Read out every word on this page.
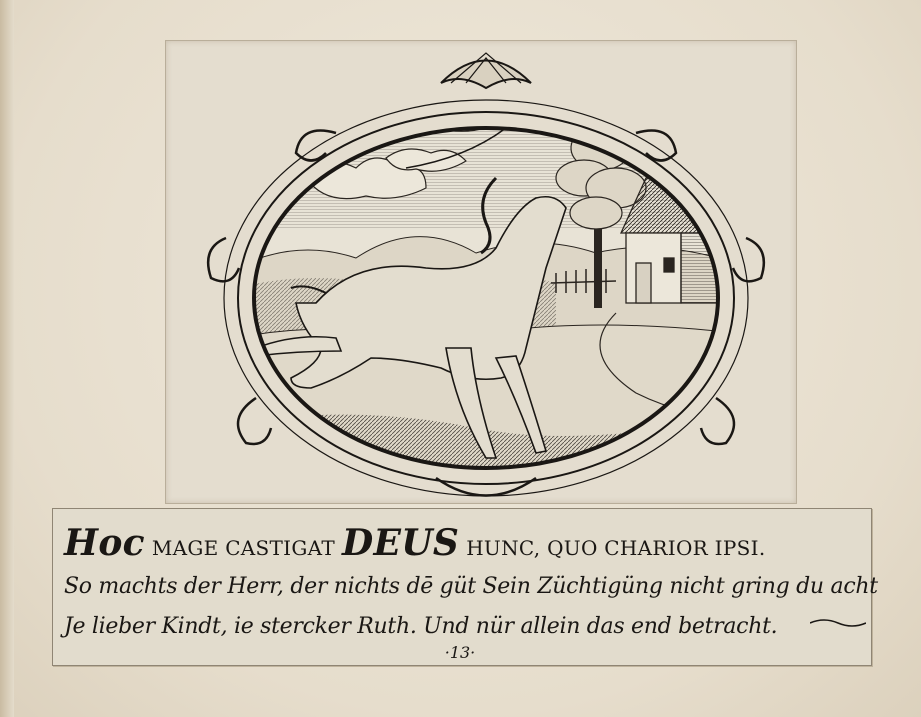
Hoc MAGE CASTIGAT DEUS HUNC, QUO CHARIOR IPSI.
So machts der Herr, der nichts dē güt Sein Züchtigüng nicht gring du acht
Je lieber Kindt, ie stercker Ruth. Und nür allein das end betracht.
·13·
